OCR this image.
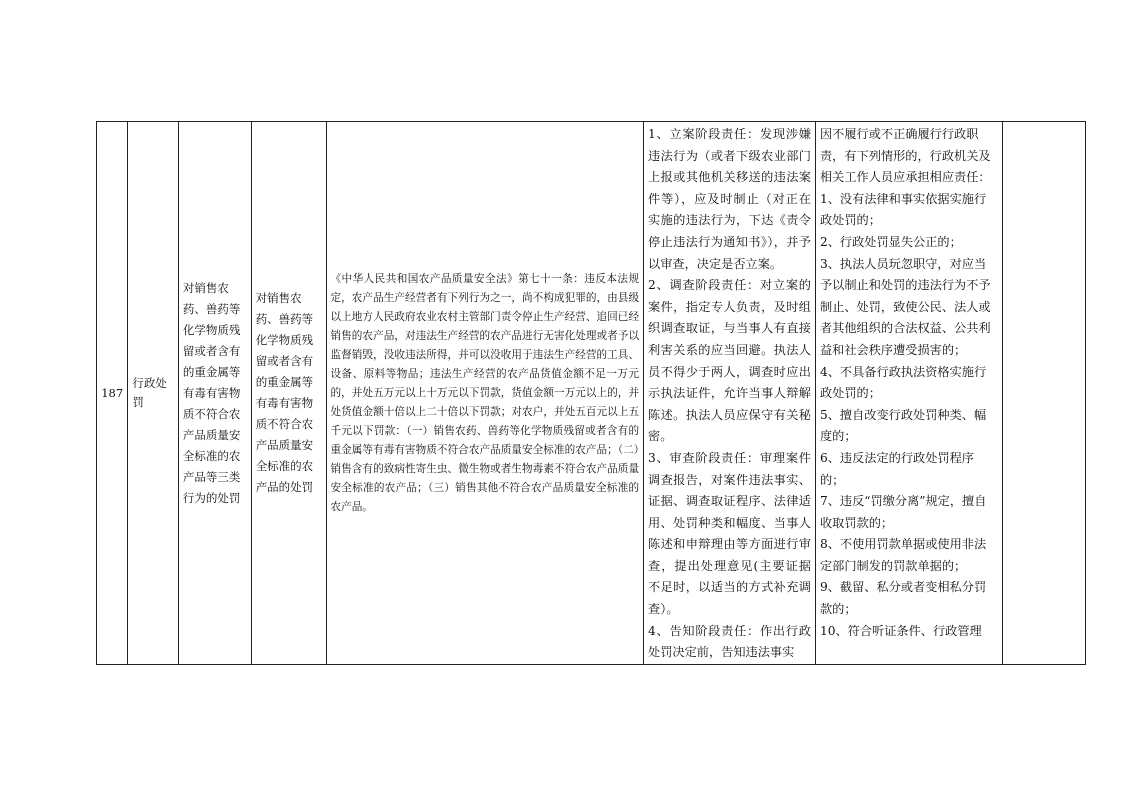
187

行政处罚

对销售农药、兽药等化学物质残留或者含有的重金属等有毒有害物质不符合农产品质量安全标准的农产品等三类行为的处罚

对销售农药、兽药等化学物质残留或者含有的重金属等有毒有害物质不符合农产品质量安全标准的农产品的处罚

《中华人民共和国农产品质量安全法》第七十一条：违反本法规定，农产品生产经营者有下列行为之一，尚不构成犯罪的，由县级以上地方人民政府农业农村主管部门责令停止生产经营、追回已经销售的农产品，对违法生产经营的农产品进行无害化处理或者予以监督销毁，没收违法所得，并可以没收用于违法生产经营的工具、设备、原料等物品；违法生产经营的农产品货值金额不足一万元的，并处五万元以上十万元以下罚款，货值金额一万元以上的，并处货值金额十倍以上二十倍以下罚款；对农户，并处五百元以上五千元以下罚款：（一）销售农药、兽药等化学物质残留或者含有的重金属等有毒有害物质不符合农产品质量安全标准的农产品；（二）销售含有的致病性寄生虫、微生物或者生物毒素不符合农产品质量安全标准的农产品；（三）销售其他不符合农产品质量安全标准的农产品。

1、立案阶段责任：发现涉嫌违法行为（或者下级农业部门上报或其他机关移送的违法案件等），应及时制止（对正在实施的违法行为，下达《责令停止违法行为通知书》），并予以审查，决定是否立案。
2、调查阶段责任：对立案的案件，指定专人负责，及时组织调查取证，与当事人有直接利害关系的应当回避。执法人员不得少于两人，调查时应出示执法证件，允许当事人辩解陈述。执法人员应保守有关秘密。
3、审查阶段责任：审理案件调查报告，对案件违法事实、证据、调查取证程序、法律适用、处罚种类和幅度、当事人陈述和申辩理由等方面进行审查，提出处理意见(主要证据不足时，以适当的方式补充调查）。
4、告知阶段责任：作出行政处罚决定前，告知违法事实

因不履行或不正确履行行政职责，有下列情形的，行政机关及相关工作人员应承担相应责任：
1、没有法律和事实依据实施行政处罚的；
2、行政处罚显失公正的；
3、执法人员玩忽职守，对应当予以制止和处罚的违法行为不予制止、处罚，致使公民、法人或者其他组织的合法权益、公共利益和社会秩序遭受损害的；
4、不具备行政执法资格实施行政处罚的；
5、擅自改变行政处罚种类、幅度的；
6、违反法定的行政处罚程序的；
7、违反“罚缴分离”规定，擅自收取罚款的；
8、不使用罚款单据或使用非法定部门制发的罚款单据的；
9、截留、私分或者变相私分罚款的；
10、符合听证条件、行政管理
